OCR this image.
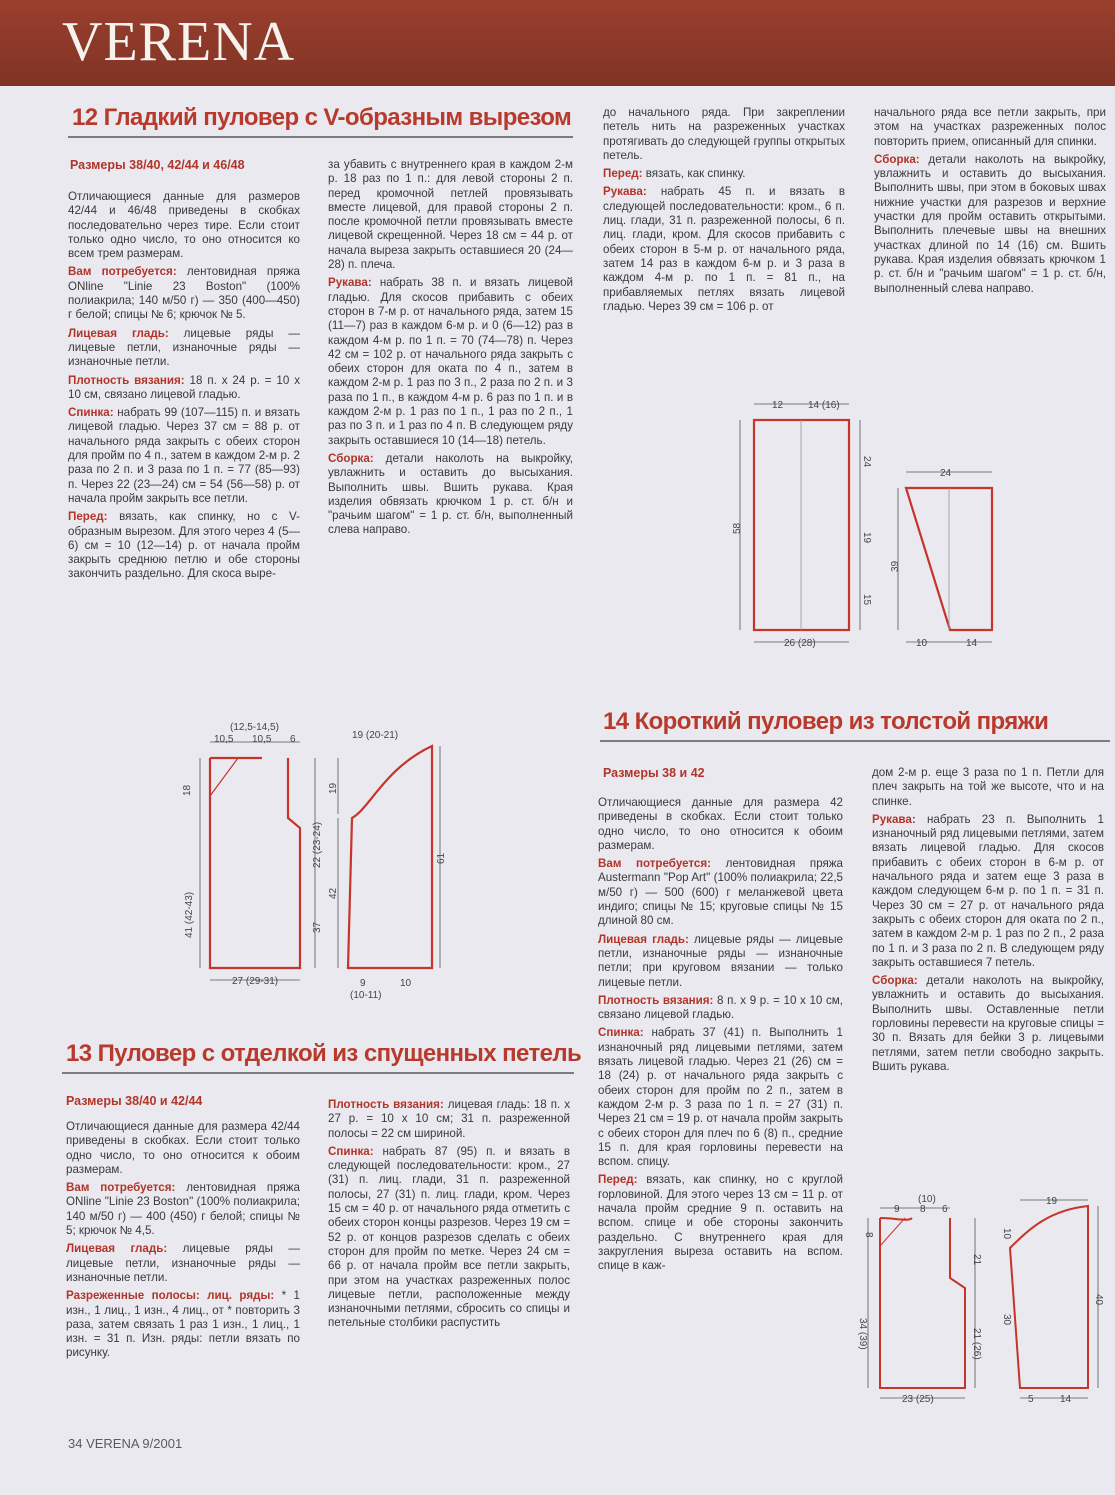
VERENA
12 Гладкий пуловер с V-образным вырезом
Размеры 38/40, 42/44 и 46/48

Отличающиеся данные для размеров 42/44 и 46/48 приведены в скобках последовательно через тире. Если стоит только одно число, то оно относится ко всем трем размерам.

Вам потребуется: лентовидная пряжа ONline "Linie 23 Boston" (100% полиакрила; 140 м/50 г) — 350 (400—450) г белой; спицы № 6; крючок № 5.

Лицевая гладь: лицевые ряды — лицевые петли, изнаночные ряды — изнаночные петли.

Плотность вязания: 18 п. х 24 р. = 10 х 10 см, связано лицевой гладью.

Спинка: набрать 99 (107—115) п. и вязать лицевой гладью. Через 37 см = 88 р. от начального ряда закрыть с обеих сторон для пройм по 4 п., затем в каждом 2-м р. 2 раза по 2 п. и 3 раза по 1 п. = 77 (85—93) п. Через 22 (23—24) см = 54 (56—58) р. от начала пройм закрыть все петли.

Перед: вязать, как спинку, но с V-образным вырезом. Для этого через 4 (5—6) см = 10 (12—14) р. от начала пройм закрыть среднюю петлю и обе стороны закончить раздельно. Для скоса выре-

за убавить с внутреннего края в каждом 2-м р. 18 раз по 1 п.: для левой стороны 2 п. перед кромочной петлей провязывать вместе лицевой, для правой стороны 2 п. после кромочной петли провязывать вместе лицевой скрещенной. Через 18 см = 44 р. от начала выреза закрыть оставшиеся 20 (24—28) п. плеча.

Рукава: набрать 38 п. и вязать лицевой гладью. Для скосов прибавить с обеих сторон в 7-м р. от начального ряда, затем 15 (11—7) раз в каждом 6-м р. и 0 (6—12) раз в каждом 4-м р. по 1 п. = 70 (74—78) п. Через 42 см = 102 р. от начального ряда закрыть с обеих сторон для оката по 4 п., затем в каждом 2-м р. 1 раз по 3 п., 2 раза по 2 п. и 3 раза по 1 п., в каждом 4-м р. 6 раз по 1 п. и в каждом 2-м р. 1 раз по 1 п., 1 раз по 2 п., 1 раз по 3 п. и 1 раз по 4 п. В следующем ряду закрыть оставшиеся 10 (14—18) петель.

Сборка: детали наколоть на выкройку, увлажнить и оставить до высыхания. Выполнить швы. Вшить рукава. Края изделия обвязать крючком 1 р. ст. б/н и "рачьим шагом" = 1 р. ст. б/н, выполненный слева направо.

до начального ряда. При закреплении петель нить на разреженных участках протягивать до следующей группы открытых петель.

Перед: вязать, как спинку.

Рукава: набрать 45 п. и вязать в следующей последовательности: кром., 6 п. лиц. глади, 31 п. разреженной полосы, 6 п. лиц. глади, кром. Для скосов прибавить с обеих сторон в 5-м р. от начального ряда, затем 14 раз в каждом 6-м р. и 3 раза в каждом 4-м р. по 1 п. = 81 п., на прибавляемых петлях вязать лицевой гладью. Через 39 см = 106 р. от

начального ряда все петли закрыть, при этом на участках разреженных полос повторить прием, описанный для спинки.

Сборка: детали наколоть на выкройку, увлажнить и оставить до высыхания. Выполнить швы, при этом в боковых швах нижние участки для разрезов и верхние участки для пройм оставить открытыми. Выполнить плечевые швы на внешних участках длиной по 14 (16) см. Вшить рукава. Края изделия обвязать крючком 1 р. ст. б/н и "рачьим шагом" = 1 р. ст. б/н, выполненный слева направо.

(12,5-14,5)
10,5 10,5 6
18
41 (42-43)
22 (23-24)
37
27 (29-31)
19 (20-21)
19
42
61
9	10
(10-11)
12 14 (16)
24
19
15
58
26 (28)
24
39
10	14
14 Короткий пуловер из толстой пряжи
Размеры 38 и 42

Отличающиеся данные для размера 42 приведены в скобках. Если стоит только одно число, то оно относится к обоим размерам.

Вам потребуется: лентовидная пряжа Austermann "Pop Art" (100% полиакрила; 22,5 м/50 г) — 500 (600) г меланжевой цвета индиго; спицы № 15; круговые спицы № 15 длиной 80 см.

Лицевая гладь: лицевые ряды — лицевые петли, изнаночные ряды — изнаночные петли; при круговом вязании — только лицевые петли.

Плотность вязания: 8 п. х 9 р. = 10 х 10 см, связано лицевой гладью.

Спинка: набрать 37 (41) п. Выполнить 1 изнаночный ряд лицевыми петлями, затем вязать лицевой гладью. Через 21 (26) см = 18 (24) р. от начального ряда закрыть с обеих сторон для пройм по 2 п., затем в каждом 2-м р. 3 раза по 1 п. = 27 (31) п. Через 21 см = 19 р. от начала пройм закрыть с обеих сторон для плеч по 6 (8) п., средние 15 п. для края горловины перевести на вспом. спицу.

Перед: вязать, как спинку, но с круглой горловиной. Для этого через 13 см = 11 р. от начала пройм средние 9 п. оставить на вспом. спице и обе стороны закончить раздельно. С внутреннего края для закругления выреза оставить на вспом. спице в каж-

дом 2-м р. еще 3 раза по 1 п. Петли для плеч закрыть на той же высоте, что и на спинке.

Рукава: набрать 23 п. Выполнить 1 изнаночный ряд лицевыми петлями, затем вязать лицевой гладью. Для скосов прибавить с обеих сторон в 6-м р. от начального ряда и затем еще 3 раза в каждом следующем 6-м р. по 1 п. = 31 п. Через 30 см = 27 р. от начального ряда закрыть с обеих сторон для оката по 2 п., затем в каждом 2-м р. 1 раз по 2 п., 2 раза по 1 п. и 3 раза по 2 п. В следующем ряду закрыть оставшиеся 7 петель.

Сборка: детали наколоть на выкройку, увлажнить и оставить до высыхания. Выполнить швы. Оставленные петли горловины перевести на круговые спицы = 30 п. Вязать для бейки 3 р. лицевыми петлями, затем петли свободно закрыть. Вшить рукава.

13 Пуловер с отделкой из спущенных петель
Размеры 38/40 и 42/44

Отличающиеся данные для размера 42/44 приведены в скобках. Если стоит только одно число, то оно относится к обоим размерам.

Вам потребуется: лентовидная пряжа ONline "Linie 23 Boston" (100% полиакрила; 140 м/50 г) — 400 (450) г белой; спицы № 5; крючок № 4,5.

Лицевая гладь: лицевые ряды — лицевые петли, изнаночные ряды — изнаночные петли.

Разреженные полосы: лиц. ряды: * 1 изн., 1 лиц., 1 изн., 4 лиц., от * повторить 3 раза, затем связать 1 раз 1 изн., 1 лиц., 1 изн. = 31 п. Изн. ряды: петли вязать по рисунку.

Плотность вязания: лицевая гладь: 18 п. х 27 р. = 10 х 10 см; 31 п. разреженной полосы = 22 см шириной.

Спинка: набрать 87 (95) п. и вязать в следующей последовательности: кром., 27 (31) п. лиц. глади, 31 п. разреженной полосы, 27 (31) п. лиц. глади, кром. Через 15 см = 40 р. от начального ряда отметить с обеих сторон концы разрезов. Через 19 см = 52 р. от концов разрезов сделать с обеих сторон для пройм по метке. Через 24 см = 66 р. от начала пройм все петли закрыть, при этом на участках разреженных полос лицевые петли, расположенные между изнаночными петлями, сбросить со спицы и петельные столбики распустить

(10)
9 8 6
8
34 (39)
21
21 (26)
23 (25)
19
10
30
40
5	14
34 VERENA 9/2001
